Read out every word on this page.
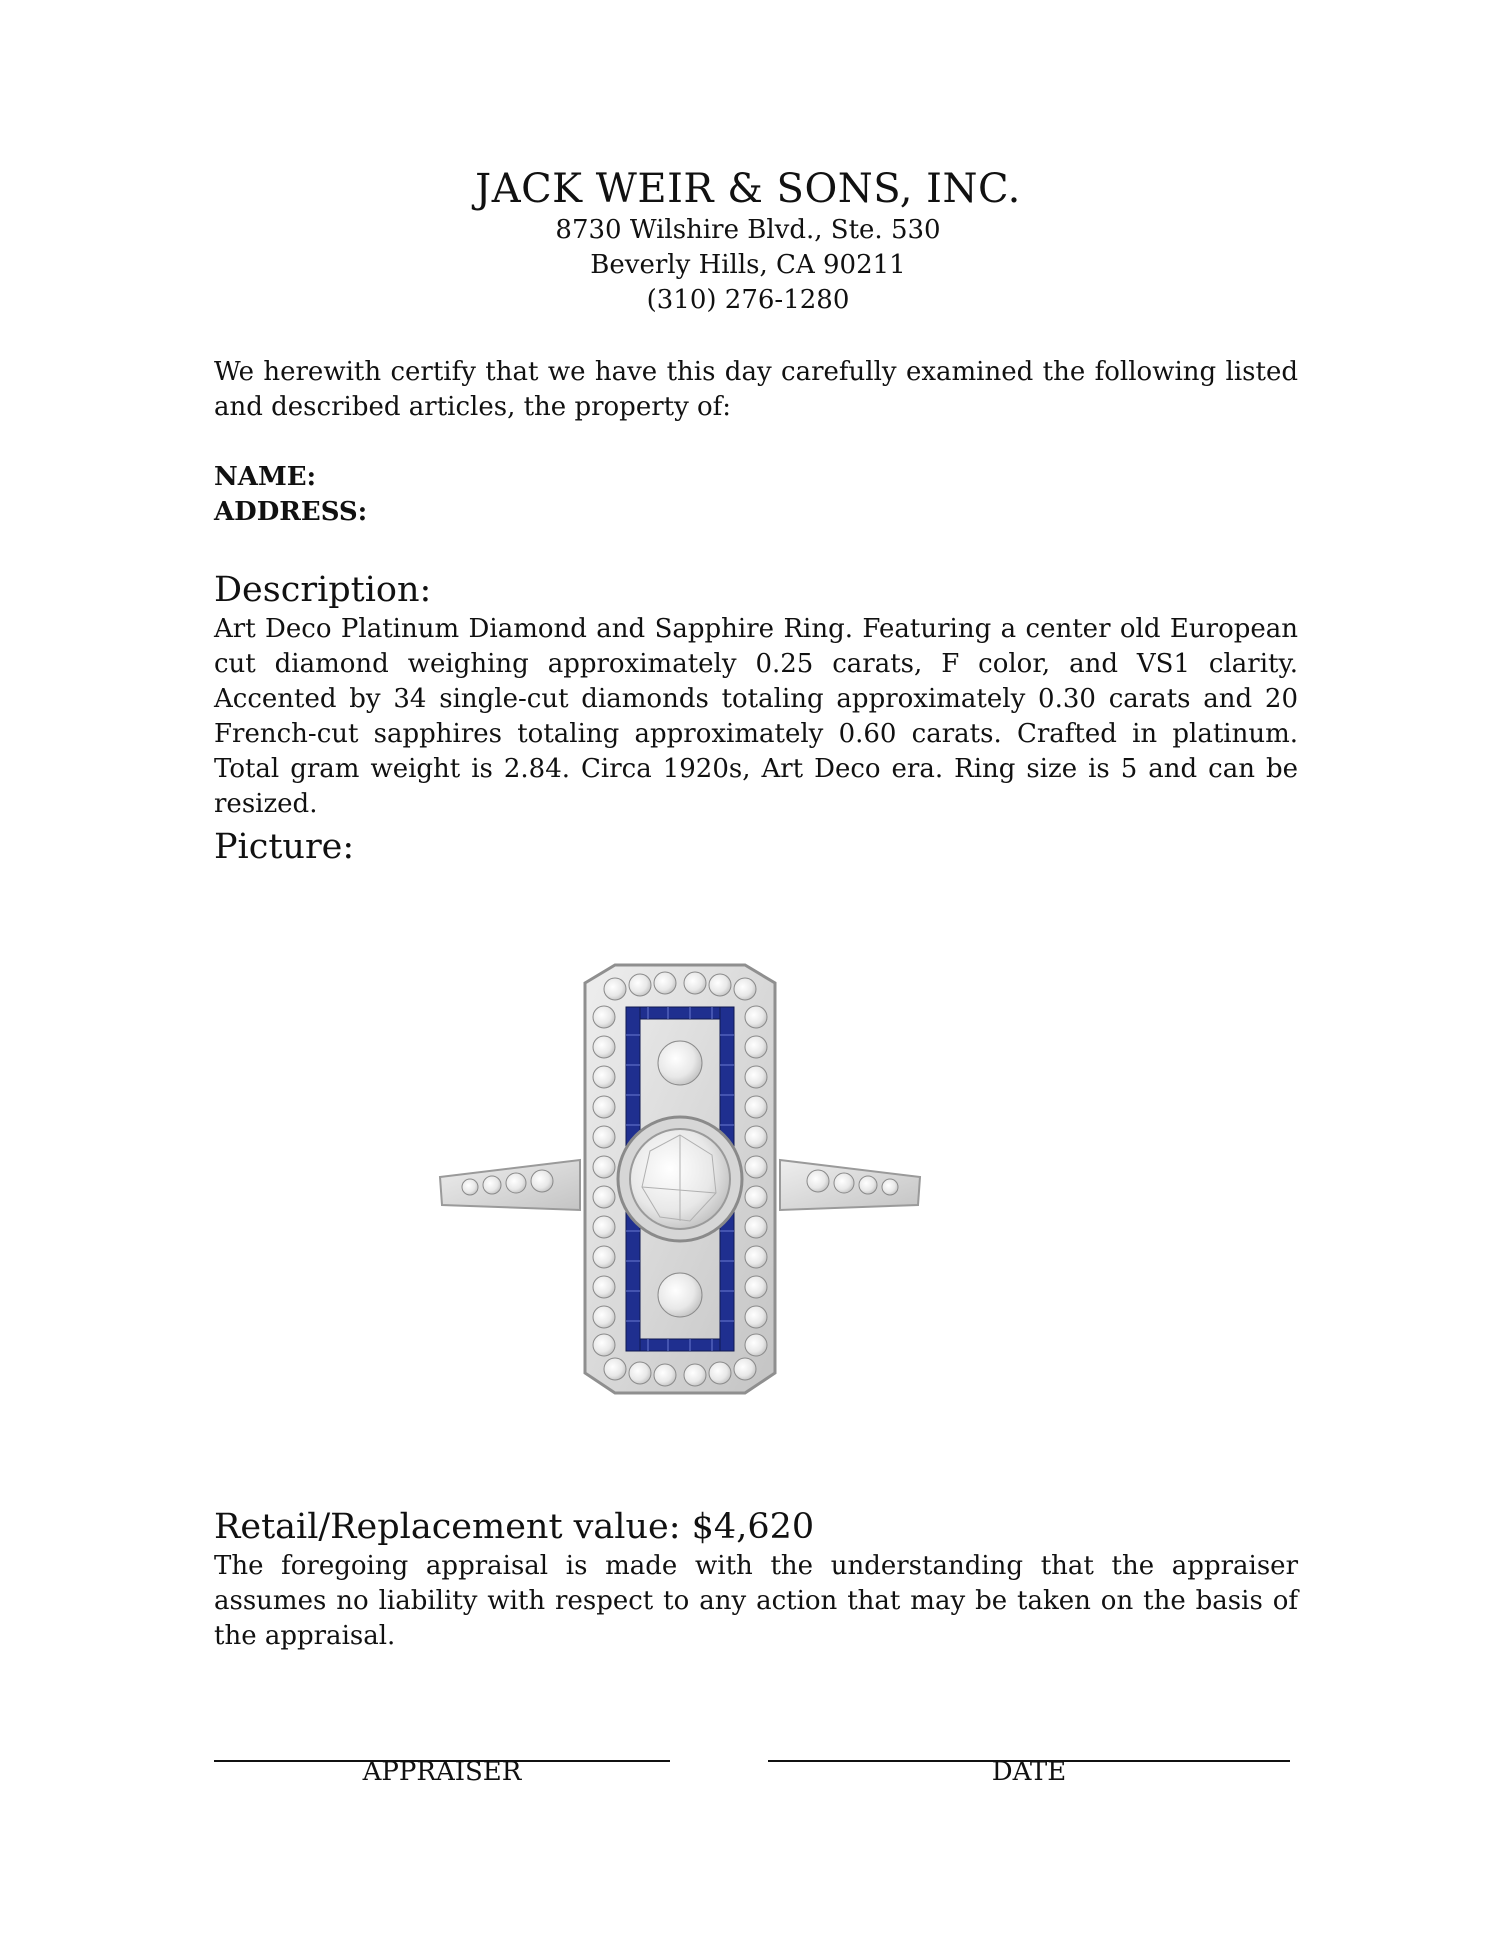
JACK WEIR & SONS, INC.
8730 Wilshire Blvd., Ste. 530
Beverly Hills, CA 90211
(310) 276-1280

We herewith certify that we have this day carefully examined the following listed and described articles, the property of:

NAME:
ADDRESS:
Description:

Art Deco Platinum Diamond and Sapphire Ring. Featuring a center old European cut diamond weighing approximately 0.25 carats, F color, and VS1 clarity. Accented by 34 single-cut diamonds totaling approximately 0.30 carats and 20 French-cut sapphires totaling approximately 0.60 carats. Crafted in platinum. Total gram weight is 2.84. Circa 1920s, Art Deco era. Ring size is 5 and can be resized.

Picture:
Retail/Replacement value: $4,620

The foregoing appraisal is made with the understanding that the appraiser assumes no liability with respect to any action that may be taken on the basis of the appraisal.

APPRAISER	DATE
